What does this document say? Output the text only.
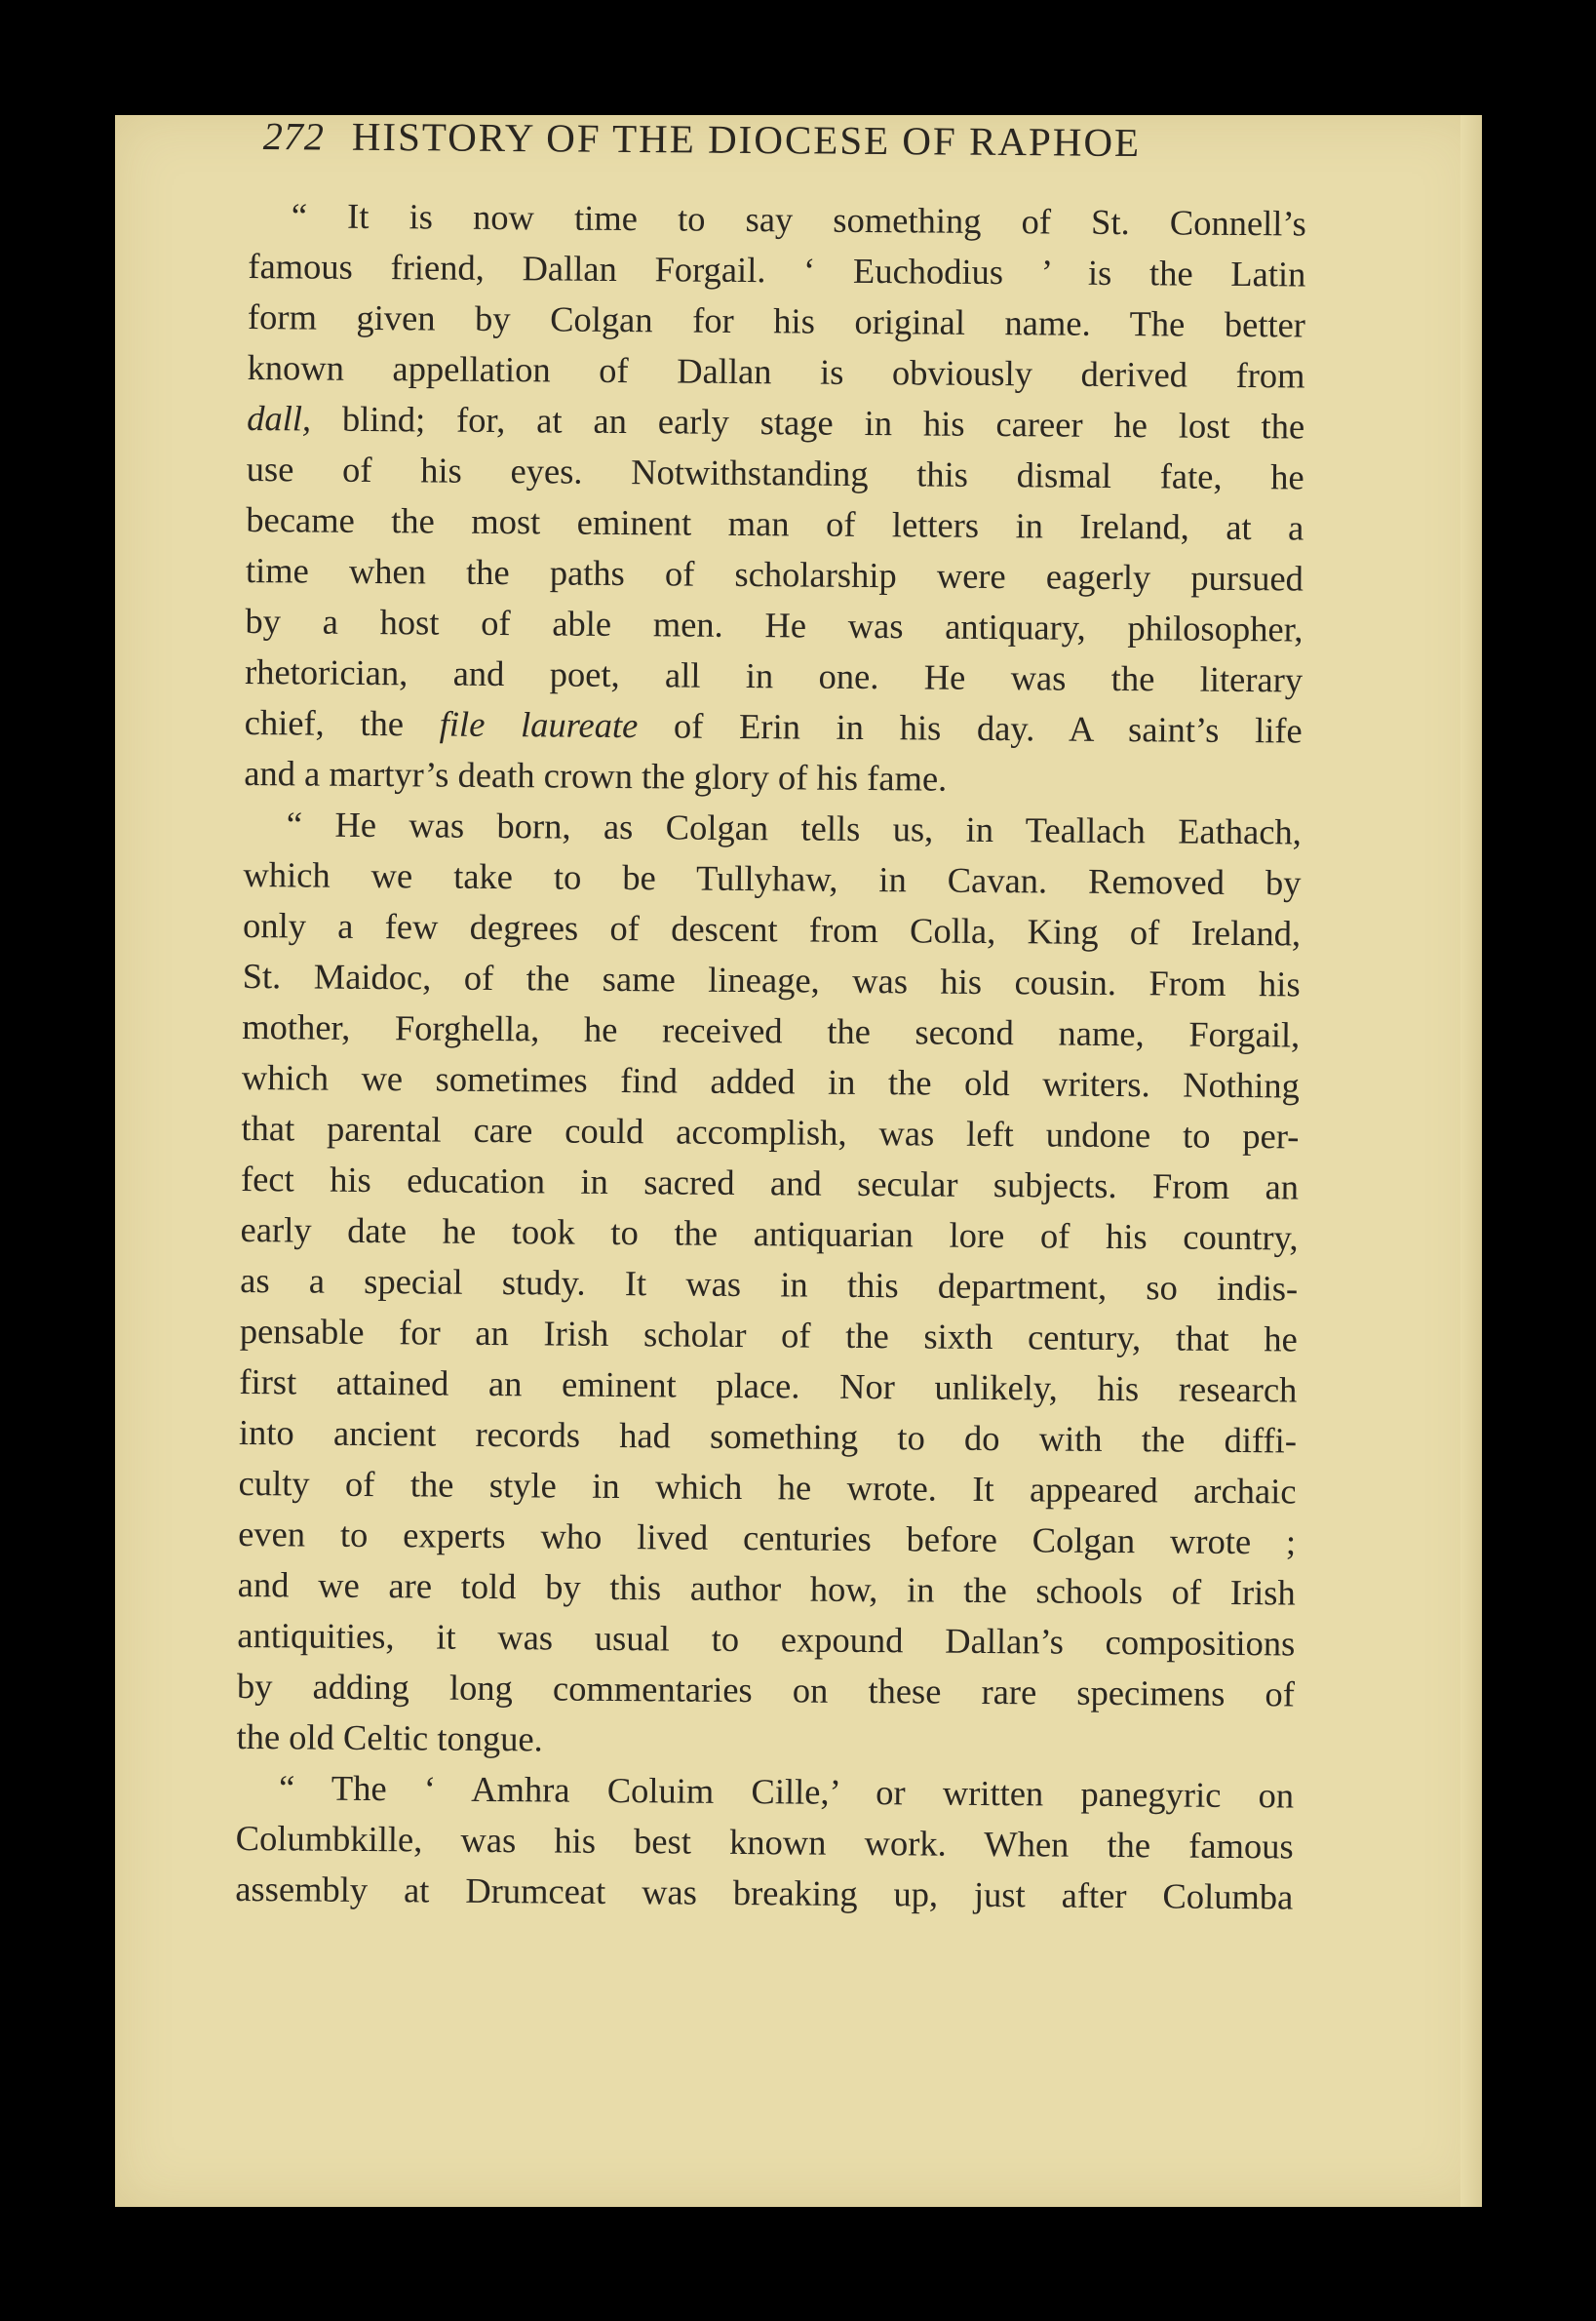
272 HISTORY OF THE DIOCESE OF RAPHOE
“ It is now time to say something of St. Connell’s
famous friend, Dallan Forgail. ‘ Euchodius ’ is the Latin
form given by Colgan for his original name. The better
known appellation of Dallan is obviously derived from
dall, blind; for, at an early stage in his career he lost the
use of his eyes. Notwithstanding this dismal fate, he
became the most eminent man of letters in Ireland, at a
time when the paths of scholarship were eagerly pursued
by a host of able men. He was antiquary, philosopher,
rhetorician, and poet, all in one. He was the literary
chief, the file laureate of Erin in his day. A saint’s life
and a martyr’s death crown the glory of his fame.
“ He was born, as Colgan tells us, in Teallach Eathach,
which we take to be Tullyhaw, in Cavan. Removed by
only a few degrees of descent from Colla, King of Ireland,
St. Maidoc, of the same lineage, was his cousin. From his
mother, Forghella, he received the second name, Forgail,
which we sometimes find added in the old writers. Nothing
that parental care could accomplish, was left undone to per-
fect his education in sacred and secular subjects. From an
early date he took to the antiquarian lore of his country,
as a special study. It was in this department, so indis-
pensable for an Irish scholar of the sixth century, that he
first attained an eminent place. Nor unlikely, his research
into ancient records had something to do with the diffi-
culty of the style in which he wrote. It appeared archaic
even to experts who lived centuries before Colgan wrote ;
and we are told by this author how, in the schools of Irish
antiquities, it was usual to expound Dallan’s compositions
by adding long commentaries on these rare specimens of
the old Celtic tongue.
“ The ‘ Amhra Coluim Cille,’ or written panegyric on
Columbkille, was his best known work. When the famous
assembly at Drumceat was breaking up, just after Columba
